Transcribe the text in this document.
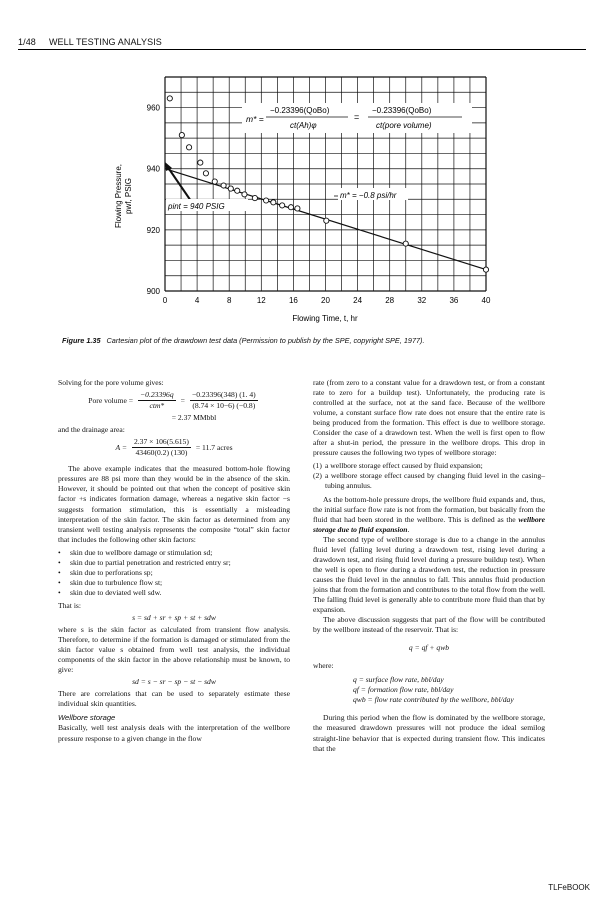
1/48 WELL TESTING ANALYSIS
0	4	8	12	16	20	24	28	32	36	40
900
920
940
960
m* =
−0.23396(QoBo)
ct(Ah)φ
=
−0.23396(QoBo)
ct(pore volume)
m* = −0.8 psi/hr
pint = 940 PSIG
Flowing Time, t, hr
Flowing Pressure, pwf, PSIG
Figure 1.35 Cartesian plot of the drawdown test data (Permission to publish by the SPE, copyright SPE, 1977).

Solving for the pore volume gives:

Pore volume = $\frac{-0.23396q}{\text{ctm*}} = \frac{-0.23396(348) (1. 4)}{(8.74 \times 10-6) (-0.8)}$
= 2.37 MMbbl

and the drainage area:

$A = \frac{2.37 \times 106(5.615)}{43460(0.2) (130)} = 11.7$ acres

The above example indicates that the measured bottom-hole flowing pressures are 88 psi more than they would be in the absence of the skin. However, it should be pointed out that when the concept of positive skin factor +s indicates formation damage, whereas a negative skin factor −s suggests formation stimulation, this is essentially a misleading interpretation of the skin factor. The skin factor as determined from any transient well testing analysis represents the composite “total” skin factor that includes the following other skin factors:

• skin due to wellbore damage or stimulation sd;
• skin due to partial penetration and restricted entry sr;
• skin due to perforations sp;
• skin due to turbulence flow st;
• skin due to deviated well sdw.

That is:

s = sd + sr + sp + st + sdw

where s is the skin factor as calculated from transient flow analysis. Therefore, to determine if the formation is damaged or stimulated from the skin factor value s obtained from well test analysis, the individual components of the skin factor in the above relationship must be known, to give:

sd = s − sr − sp − st − sdw

There are correlations that can be used to separately estimate these individual skin quantities.

Wellbore storage

Basically, well test analysis deals with the interpretation of the wellbore pressure response to a given change in the flow

rate (from zero to a constant value for a drawdown test, or from a constant rate to zero for a buildup test). Unfortunately, the producing rate is controlled at the surface, not at the sand face. Because of the wellbore volume, a constant surface flow rate does not ensure that the entire rate is being produced from the formation. This effect is due to wellbore storage. Consider the case of a drawdown test. When the well is first open to flow after a shut-in period, the pressure in the wellbore drops. This drop in pressure causes the following two types of wellbore storage:

(1) a wellbore storage effect caused by fluid expansion;
(2) a wellbore storage effect caused by changing fluid level in the casing–tubing annulus.

As the bottom-hole pressure drops, the wellbore fluid expands and, thus, the initial surface flow rate is not from the formation, but basically from the fluid that had been stored in the wellbore. This is defined as the wellbore storage due to fluid expansion.

The second type of wellbore storage is due to a change in the annulus fluid level (falling level during a drawdown test, rising level during a drawdown test, and rising fluid level during a pressure buildup test). When the well is open to flow during a drawdown test, the reduction in pressure causes the fluid level in the annulus to fall. This annulus fluid production joins that from the formation and contributes to the total flow from the well. The falling fluid level is generally able to contribute more fluid than that by expansion.

The above discussion suggests that part of the flow will be contributed by the wellbore instead of the reservoir. That is:

q = qf + qwb

where:

q = surface flow rate, bbl/day
qf = formation flow rate, bbl/day
qwb = flow rate contributed by the wellbore, bbl/day

During this period when the flow is dominated by the wellbore storage, the measured drawdown pressures will not produce the ideal semilog straight-line behavior that is expected during transient flow. This indicates that the

TLFeBOOK
